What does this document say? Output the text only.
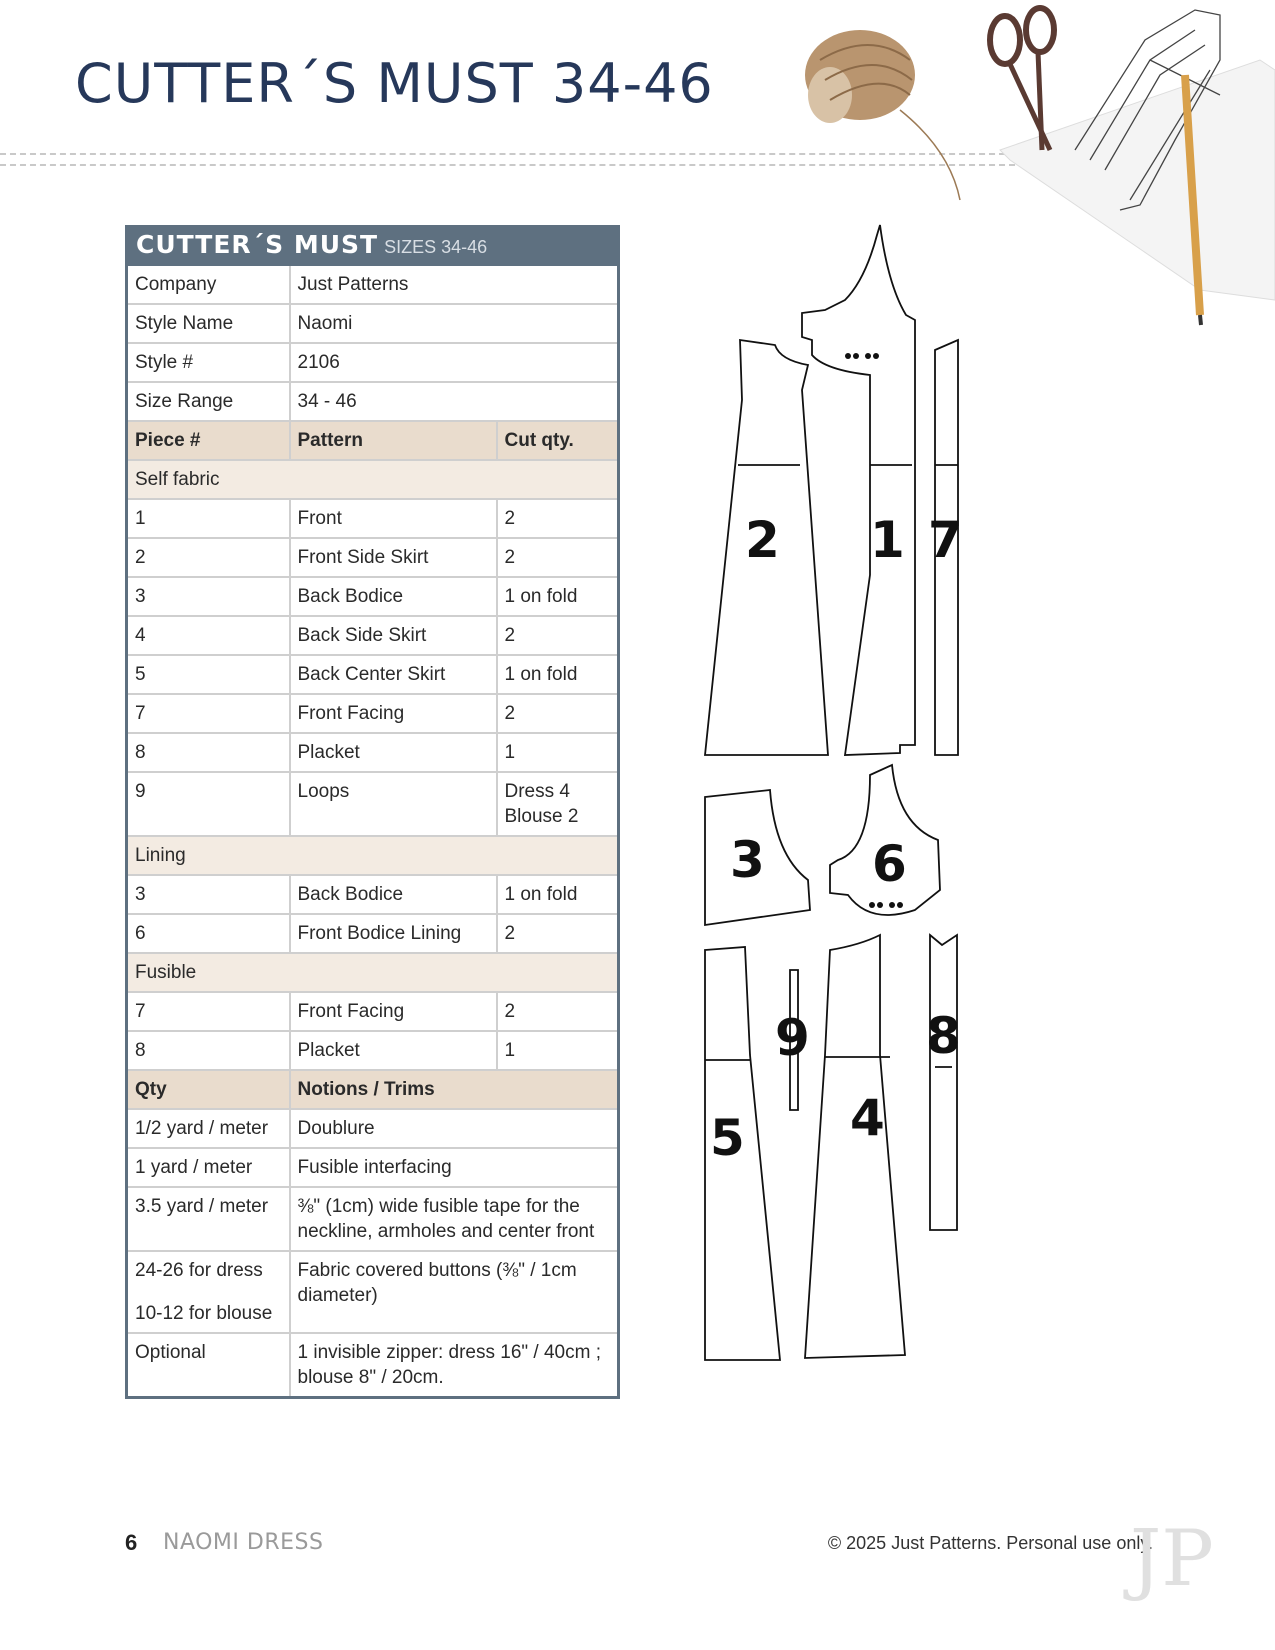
CUTTER´S MUST 34-46
CUTTER´S MUST SIZES 34-46		
Company	Just Patterns	
Style Name	Naomi	
Style #	2106	
Size Range	34 - 46	
Piece #	Pattern	Cut qty.
Self fabric		
1	Front	2
2	Front Side Skirt	2
3	Back Bodice	1 on fold
4	Back Side Skirt	2
5	Back Center Skirt	1 on fold
7	Front Facing	2
8	Placket	1
9	Loops	Dress 4
Blouse 2

Lining		
3	Back Bodice	1 on fold
6	Front Bodice Lining	2
Fusible		
7	Front Facing	2
8	Placket	1
Qty	Notions / Trims	
1/2 yard / meter	Doublure	
1 yard / meter	Fusible interfacing	
3.5 yard / meter	⅜" (1cm) wide fusible tape for the neckline, armholes and center front	

24-26 for dress
10-12 for blouse	Fabric covered buttons (⅜" / 1cm diameter)	
Optional	1 invisible zipper: dress 16" / 40cm ; blouse 8" / 20cm.	
2 1 7
3 6
9 8
4
5
6 NAOMI DRESS	© 2025 Just Patterns. Personal use only.
JP
